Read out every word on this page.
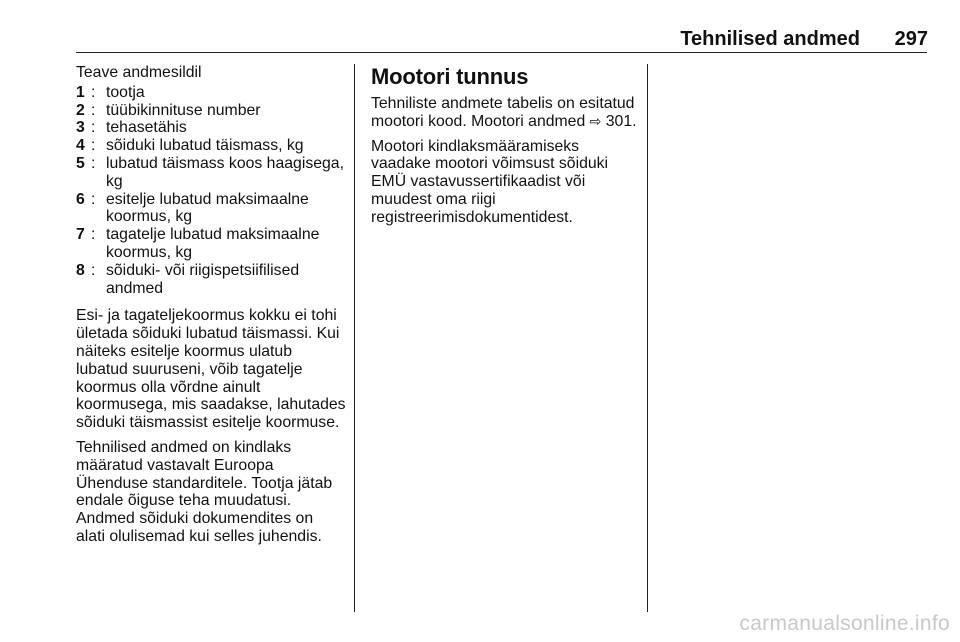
Tehnilised andmed	297
Teave andmesildil
1 : tootja
2 : tüübikinnituse number
3 : tehasetähis
4 : sõiduki lubatud täismass, kg
5 : lubatud täismass koos haagisega, kg
6 : esitelje lubatud maksimaalne koormus, kg
7 : tagatelje lubatud maksimaalne koormus, kg
8 : sõiduki- või riigispetsiifilised andmed

Esi- ja tagateljekoormus kokku ei tohi ületada sõiduki lubatud täismassi. Kui näiteks esitelje koormus ulatub lubatud suuruseni, võib tagatelje koormus olla võrdne ainult koormusega, mis saadakse, lahutades sõiduki täismassist esitelje koormuse.

Tehnilised andmed on kindlaks määratud vastavalt Euroopa Ühenduse standarditele. Tootja jätab endale õiguse teha muudatusi. Andmed sõiduki dokumendites on alati olulisemad kui selles juhendis.

Mootori tunnus

Tehniliste andmete tabelis on esitatud mootori kood. Mootori andmed ⇨ 301.

Mootori kindlaksmääramiseks vaadake mootori võimsust sõiduki EMÜ vastavussertifikaadist või muudest oma riigi registreerimisdokumentidest.

carmanualsonline.info
